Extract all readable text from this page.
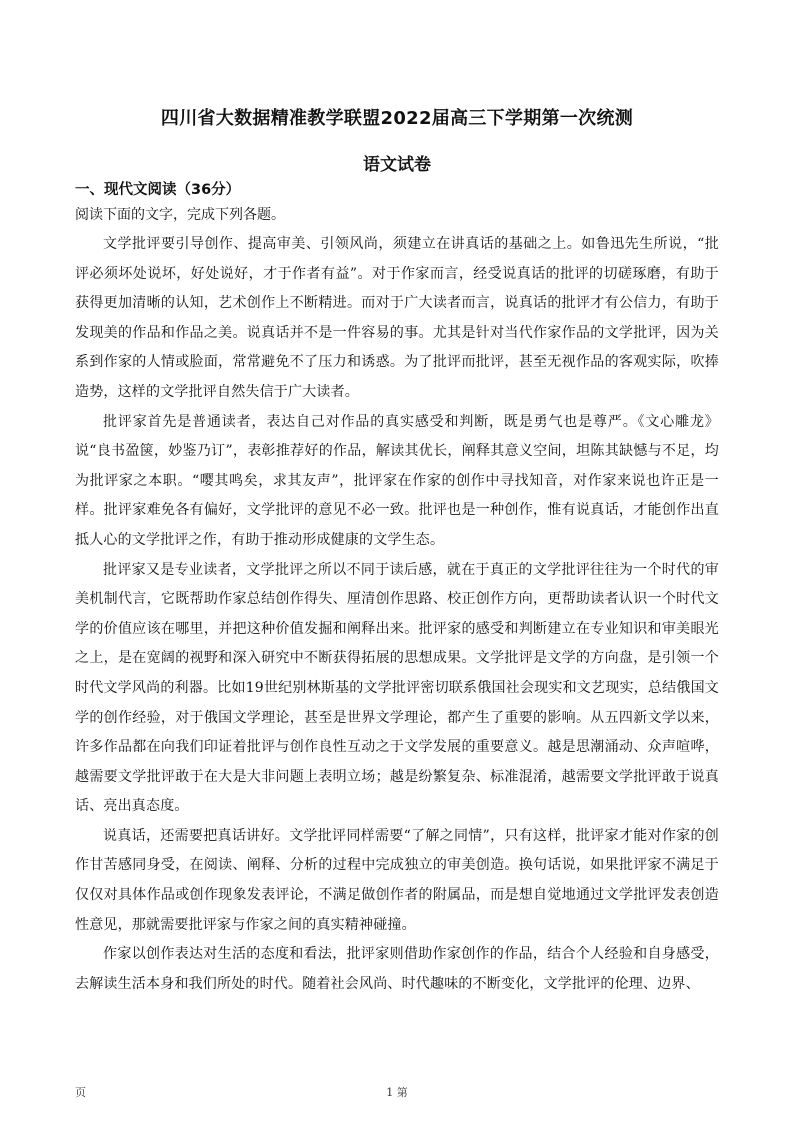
四川省大数据精准教学联盟2022届高三下学期第一次统测
语文试卷

一、现代文阅读（36分）

阅读下面的文字，完成下列各题。

文学批评要引导创作、提高审美、引领风尚，须建立在讲真话的基础之上。如鲁迅先生所说，“批评必须坏处说坏，好处说好，才于作者有益”。对于作家而言，经受说真话的批评的切磋琢磨，有助于获得更加清晰的认知，艺术创作上不断精进。而对于广大读者而言，说真话的批评才有公信力，有助于发现美的作品和作品之美。说真话并不是一件容易的事。尤其是针对当代作家作品的文学批评，因为关系到作家的人情或脸面，常常避免不了压力和诱惑。为了批评而批评，甚至无视作品的客观实际，吹捧造势，这样的文学批评自然失信于广大读者。

批评家首先是普通读者，表达自己对作品的真实感受和判断，既是勇气也是尊严。《文心雕龙》说“良书盈箧，妙鉴乃订”，表彰推荐好的作品，解读其优长，阐释其意义空间，坦陈其缺憾与不足，均为批评家之本职。“嘤其鸣矣，求其友声”，批评家在作家的创作中寻找知音，对作家来说也许正是一样。批评家难免各有偏好，文学批评的意见不必一致。批评也是一种创作，惟有说真话，才能创作出直抵人心的文学批评之作，有助于推动形成健康的文学生态。

批评家又是专业读者，文学批评之所以不同于读后感，就在于真正的文学批评往往为一个时代的审美机制代言，它既帮助作家总结创作得失、厘清创作思路、校正创作方向，更帮助读者认识一个时代文学的价值应该在哪里，并把这种价值发掘和阐释出来。批评家的感受和判断建立在专业知识和审美眼光之上，是在宽阔的视野和深入研究中不断获得拓展的思想成果。文学批评是文学的方向盘，是引领一个时代文学风尚的利器。比如19世纪别林斯基的文学批评密切联系俄国社会现实和文艺现实，总结俄国文学的创作经验，对于俄国文学理论，甚至是世界文学理论，都产生了重要的影响。从五四新文学以来，许多作品都在向我们印证着批评与创作良性互动之于文学发展的重要意义。越是思潮涌动、众声喧哗，越需要文学批评敢于在大是大非问题上表明立场；越是纷繁复杂、标准混淆，越需要文学批评敢于说真话、亮出真态度。

说真话，还需要把真话讲好。文学批评同样需要“了解之同情”，只有这样，批评家才能对作家的创作甘苦感同身受，在阅读、阐释、分析的过程中完成独立的审美创造。换句话说，如果批评家不满足于仅仅对具体作品或创作现象发表评论，不满足做创作者的附属品，而是想自觉地通过文学批评发表创造性意见，那就需要批评家与作家之间的真实精神碰撞。

作家以创作表达对生活的态度和看法，批评家则借助作家创作的作品，结合个人经验和自身感受，去解读生活本身和我们所处的时代。随着社会风尚、时代趣味的不断变化，文学批评的伦理、边界、

页	1 第
